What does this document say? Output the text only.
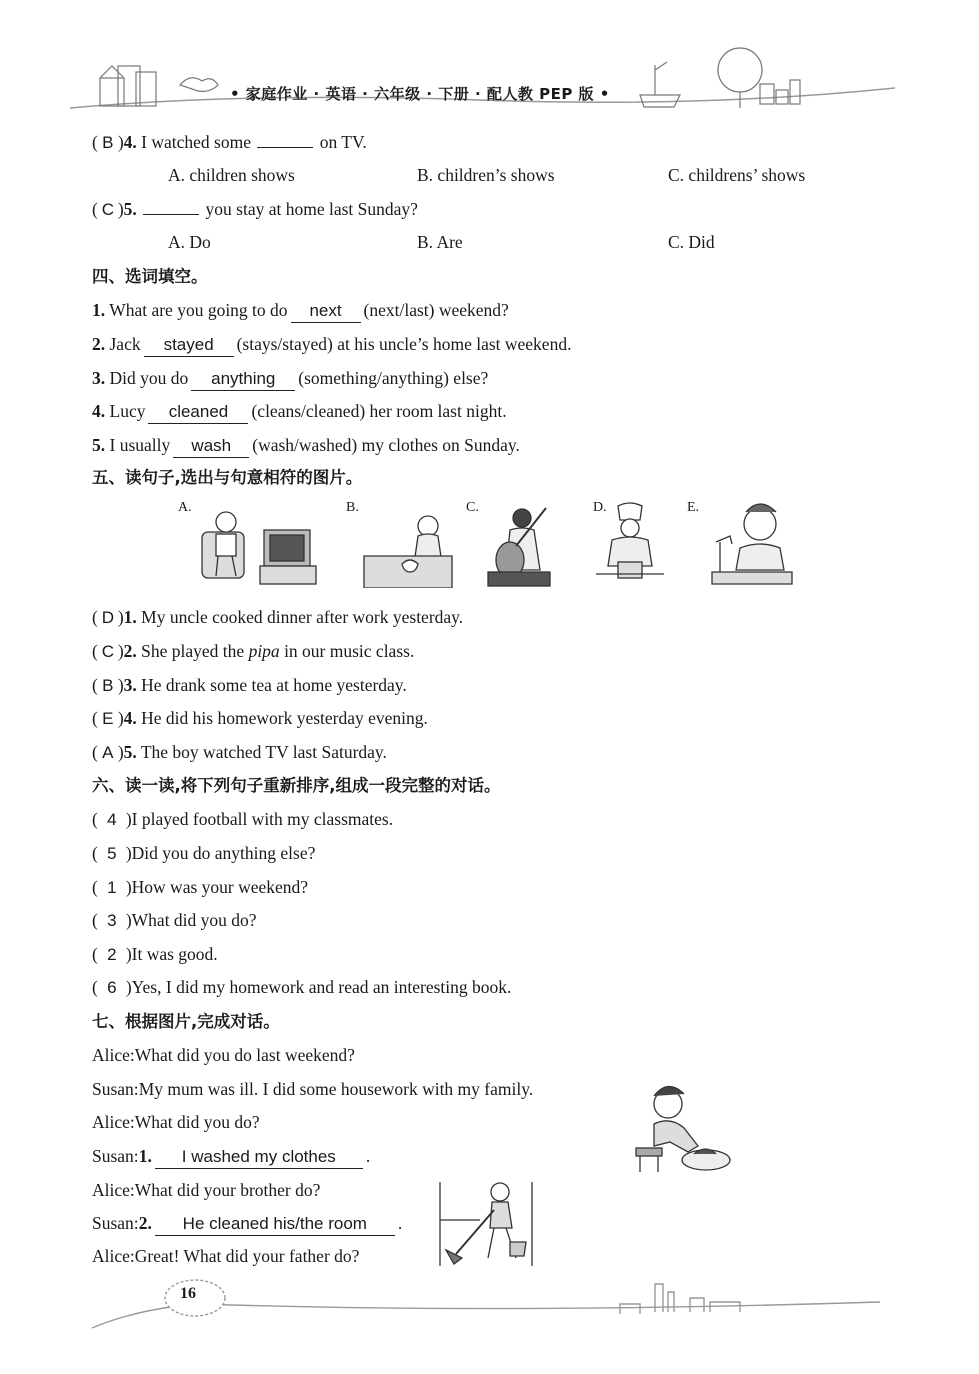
• 家庭作业 · 英语 · 六年级 · 下册 · 配人教 PEP 版 •
( B )4. I watched some	on TV.
A. children shows	B. children’s shows	C. childrens’ shows
( C )5.	you stay at home last Sunday?
A. Do	B. Are	C. Did
四、选词填空。
1. What are you going to do next (next/last) weekend?
2. Jack stayed (stays/stayed) at his uncle’s home last weekend.
3. Did you do anything (something/anything) else?
4. Lucy cleaned (cleans/cleaned) her room last night.
5. I usually wash (wash/washed) my clothes on Sunday.
五、读句子,选出与句意相符的图片。
A.	B.	C.	D.	E.
( D )1. My uncle cooked dinner after work yesterday.
( C )2. She played the pipa in our music class.
( B )3. He drank some tea at home yesterday.
( E )4. He did his homework yesterday evening.
( A )5. The boy watched TV last Saturday.
六、读一读,将下列句子重新排序,组成一段完整的对话。
( 4 )I played football with my classmates.
( 5 )Did you do anything else?
( 1 )How was your weekend?
( 3 )What did you do?
( 2 )It was good.
( 6 )Yes, I did my homework and read an interesting book.
七、根据图片,完成对话。
Alice:What did you do last weekend?
Susan:My mum was ill. I did some housework with my family.
Alice:What did you do?
Susan:1. I washed my clothes .
Alice:What did your brother do?
Susan:2. He cleaned his/the room .
Alice:Great! What did your father do?
16
